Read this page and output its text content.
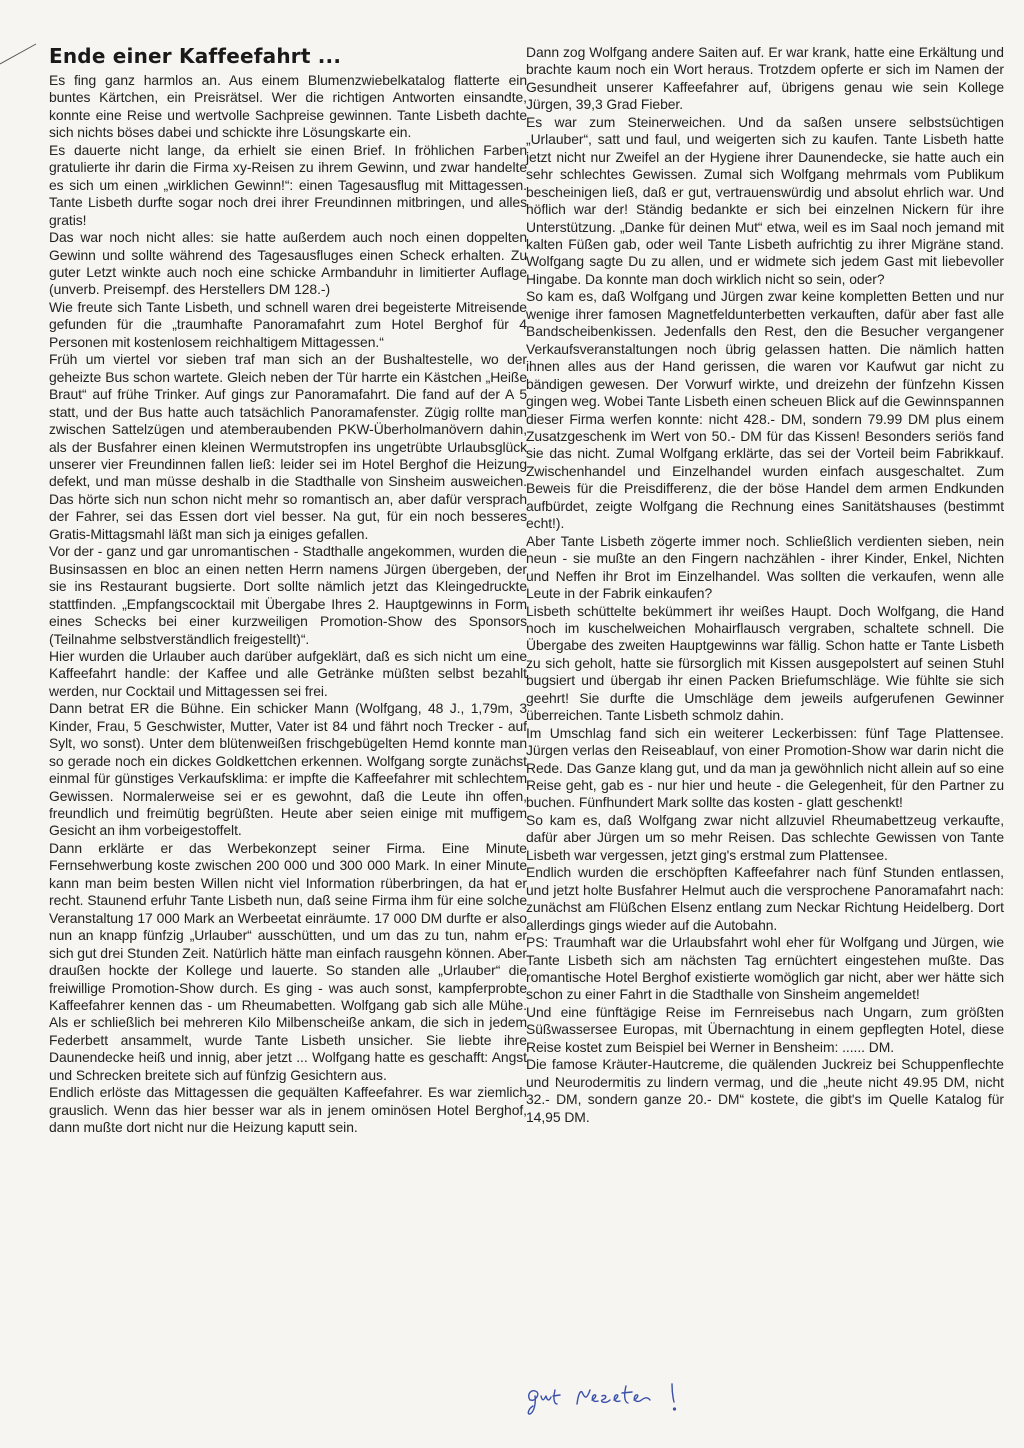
Ende einer Kaffeefahrt ...

Es fing ganz harmlos an. Aus einem Blumenzwiebelkatalog flatterte ein buntes Kärtchen, ein Preisrätsel. Wer die richtigen Antworten einsandte, konnte eine Reise und wertvolle Sachpreise gewinnen. Tante Lisbeth dachte sich nichts böses dabei und schickte ihre Lösungskarte ein.

Es dauerte nicht lange, da erhielt sie einen Brief. In fröhlichen Farben gratulierte ihr darin die Firma xy-Reisen zu ihrem Gewinn, und zwar handelte es sich um einen „wirklichen Gewinn!“: einen Tagesausflug mit Mittagessen. Tante Lisbeth durfte sogar noch drei ihrer Freundinnen mitbringen, und alles gratis!

Das war noch nicht alles: sie hatte außerdem auch noch einen doppelten Gewinn und sollte während des Tagesausfluges einen Scheck erhalten. Zu guter Letzt winkte auch noch eine schicke Armbanduhr in limitierter Auflage (unverb. Preisempf. des Herstellers DM 128.-)

Wie freute sich Tante Lisbeth, und schnell waren drei begeisterte Mitreisende gefunden für die „traumhafte Panoramafahrt zum Hotel Berghof für 4 Personen mit kostenlosem reichhaltigem Mittagessen.“

Früh um viertel vor sieben traf man sich an der Bushaltestelle, wo der geheizte Bus schon wartete. Gleich neben der Tür harrte ein Kästchen „Heiße Braut“ auf frühe Trinker. Auf gings zur Panoramafahrt. Die fand auf der A 5 statt, und der Bus hatte auch tatsächlich Panoramafenster. Zügig rollte man zwischen Sattelzügen und atemberaubenden PKW-Überholmanövern dahin, als der Busfahrer einen kleinen Wermutstropfen ins ungetrübte Urlaubsglück unserer vier Freundinnen fallen ließ: leider sei im Hotel Berghof die Heizung defekt, und man müsse deshalb in die Stadthalle von Sinsheim ausweichen. Das hörte sich nun schon nicht mehr so romantisch an, aber dafür versprach der Fahrer, sei das Essen dort viel besser. Na gut, für ein noch besseres Gratis-Mittagsmahl läßt man sich ja einiges gefallen.

Vor der - ganz und gar unromantischen - Stadthalle angekommen, wurden die Businsassen en bloc an einen netten Herrn namens Jürgen übergeben, der sie ins Restaurant bugsierte. Dort sollte nämlich jetzt das Kleingedruckte stattfinden. „Empfangscocktail mit Übergabe Ihres 2. Hauptgewinns in Form eines Schecks bei einer kurzweiligen Promotion-Show des Sponsors (Teilnahme selbstverständlich freigestellt)“.

Hier wurden die Urlauber auch darüber aufgeklärt, daß es sich nicht um eine Kaffeefahrt handle: der Kaffee und alle Getränke müßten selbst bezahlt werden, nur Cocktail und Mittagessen sei frei.

Dann betrat ER die Bühne. Ein schicker Mann (Wolfgang, 48 J., 1,79m, 3 Kinder, Frau, 5 Geschwister, Mutter, Vater ist 84 und fährt noch Trecker - auf Sylt, wo sonst). Unter dem blütenweißen frischgebügelten Hemd konnte man so gerade noch ein dickes Goldkettchen erkennen. Wolfgang sorgte zunächst einmal für günstiges Verkaufsklima: er impfte die Kaffeefahrer mit schlechtem Gewissen. Normalerweise sei er es gewohnt, daß die Leute ihn offen, freundlich und freimütig begrüßten. Heute aber seien einige mit muffigem Gesicht an ihm vorbeigestoffelt.

Dann erklärte er das Werbekonzept seiner Firma. Eine Minute Fernsehwerbung koste zwischen 200 000 und 300 000 Mark. In einer Minute kann man beim besten Willen nicht viel Information rüberbringen, da hat er recht. Staunend erfuhr Tante Lisbeth nun, daß seine Firma ihm für eine solche Veranstaltung 17 000 Mark an Werbeetat einräumte. 17 000 DM durfte er also nun an knapp fünfzig „Urlauber“ ausschütten, und um das zu tun, nahm er sich gut drei Stunden Zeit. Natürlich hätte man einfach rausgehn können. Aber draußen hockte der Kollege und lauerte. So standen alle „Urlauber“ die freiwillige Promotion-Show durch. Es ging - was auch sonst, kampferprobte Kaffeefahrer kennen das - um Rheumabetten. Wolfgang gab sich alle Mühe. Als er schließlich bei mehreren Kilo Milbenscheiße ankam, die sich in jedem Federbett ansammelt, wurde Tante Lisbeth unsicher. Sie liebte ihre Daunendecke heiß und innig, aber jetzt ... Wolfgang hatte es geschafft: Angst und Schrecken breitete sich auf fünfzig Gesichtern aus.

Endlich erlöste das Mittagessen die gequälten Kaffeefahrer. Es war ziemlich grauslich. Wenn das hier besser war als in jenem ominösen Hotel Berghof, dann mußte dort nicht nur die Heizung kaputt sein.

Dann zog Wolfgang andere Saiten auf. Er war krank, hatte eine Erkältung und brachte kaum noch ein Wort heraus. Trotzdem opferte er sich im Namen der Gesundheit unserer Kaffeefahrer auf, übrigens genau wie sein Kollege Jürgen, 39,3 Grad Fieber.

Es war zum Steinerweichen. Und da saßen unsere selbstsüchtigen „Urlauber“, satt und faul, und weigerten sich zu kaufen. Tante Lisbeth hatte jetzt nicht nur Zweifel an der Hygiene ihrer Daunendecke, sie hatte auch ein sehr schlechtes Gewissen. Zumal sich Wolfgang mehrmals vom Publikum bescheinigen ließ, daß er gut, vertrauenswürdig und absolut ehrlich war. Und höflich war der! Ständig bedankte er sich bei einzelnen Nickern für ihre Unterstützung. „Danke für deinen Mut“ etwa, weil es im Saal noch jemand mit kalten Füßen gab, oder weil Tante Lisbeth aufrichtig zu ihrer Migräne stand. Wolfgang sagte Du zu allen, und er widmete sich jedem Gast mit liebevoller Hingabe. Da konnte man doch wirklich nicht so sein, oder?

So kam es, daß Wolfgang und Jürgen zwar keine kompletten Betten und nur wenige ihrer famosen Magnetfeldunterbetten verkauften, dafür aber fast alle Bandscheibenkissen. Jedenfalls den Rest, den die Besucher vergangener Verkaufsveranstaltungen noch übrig gelassen hatten. Die nämlich hatten ihnen alles aus der Hand gerissen, die waren vor Kaufwut gar nicht zu bändigen gewesen. Der Vorwurf wirkte, und dreizehn der fünfzehn Kissen gingen weg. Wobei Tante Lisbeth einen scheuen Blick auf die Gewinnspannen dieser Firma werfen konnte: nicht 428.- DM, sondern 79.99 DM plus einem Zusatzgeschenk im Wert von 50.- DM für das Kissen! Besonders seriös fand sie das nicht. Zumal Wolfgang erklärte, das sei der Vorteil beim Fabrikkauf. Zwischenhandel und Einzelhandel wurden einfach ausgeschaltet. Zum Beweis für die Preisdifferenz, die der böse Handel dem armen Endkunden aufbürdet, zeigte Wolfgang die Rechnung eines Sanitätshauses (bestimmt echt!).

Aber Tante Lisbeth zögerte immer noch. Schließlich verdienten sieben, nein neun - sie mußte an den Fingern nachzählen - ihrer Kinder, Enkel, Nichten und Neffen ihr Brot im Einzelhandel. Was sollten die verkaufen, wenn alle Leute in der Fabrik einkaufen?

Lisbeth schüttelte bekümmert ihr weißes Haupt. Doch Wolfgang, die Hand noch im kuschelweichen Mohairflausch vergraben, schaltete schnell. Die Übergabe des zweiten Hauptgewinns war fällig. Schon hatte er Tante Lisbeth zu sich geholt, hatte sie fürsorglich mit Kissen ausgepolstert auf seinen Stuhl bugsiert und übergab ihr einen Packen Briefumschläge. Wie fühlte sie sich geehrt! Sie durfte die Umschläge dem jeweils aufgerufenen Gewinner überreichen. Tante Lisbeth schmolz dahin.

Im Umschlag fand sich ein weiterer Leckerbissen: fünf Tage Plattensee. Jürgen verlas den Reiseablauf, von einer Promotion-Show war darin nicht die Rede. Das Ganze klang gut, und da man ja gewöhnlich nicht allein auf so eine Reise geht, gab es - nur hier und heute - die Gelegenheit, für den Partner zu buchen. Fünfhundert Mark sollte das kosten - glatt geschenkt!

So kam es, daß Wolfgang zwar nicht allzuviel Rheumabettzeug verkaufte, dafür aber Jürgen um so mehr Reisen. Das schlechte Gewissen von Tante Lisbeth war vergessen, jetzt ging's erstmal zum Plattensee.

Endlich wurden die erschöpften Kaffeefahrer nach fünf Stunden entlassen, und jetzt holte Busfahrer Helmut auch die versprochene Panoramafahrt nach: zunächst am Flüßchen Elsenz entlang zum Neckar Richtung Heidelberg. Dort allerdings gings wieder auf die Autobahn.

PS: Traumhaft war die Urlaubsfahrt wohl eher für Wolfgang und Jürgen, wie Tante Lisbeth sich am nächsten Tag ernüchtert eingestehen mußte. Das romantische Hotel Berghof existierte womöglich gar nicht, aber wer hätte sich schon zu einer Fahrt in die Stadthalle von Sinsheim angemeldet!

Und eine fünftägige Reise im Fernreisebus nach Ungarn, zum größten Süßwassersee Europas, mit Übernachtung in einem gepflegten Hotel, diese Reise kostet zum Beispiel bei Werner in Bensheim: ...... DM.

Die famose Kräuter-Hautcreme, die quälenden Juckreiz bei Schuppenflechte und Neurodermitis zu lindern vermag, und die „heute nicht 49.95 DM, nicht 32.- DM, sondern ganze 20.- DM“ kostete, die gibt's im Quelle Katalog für 14,95 DM.
